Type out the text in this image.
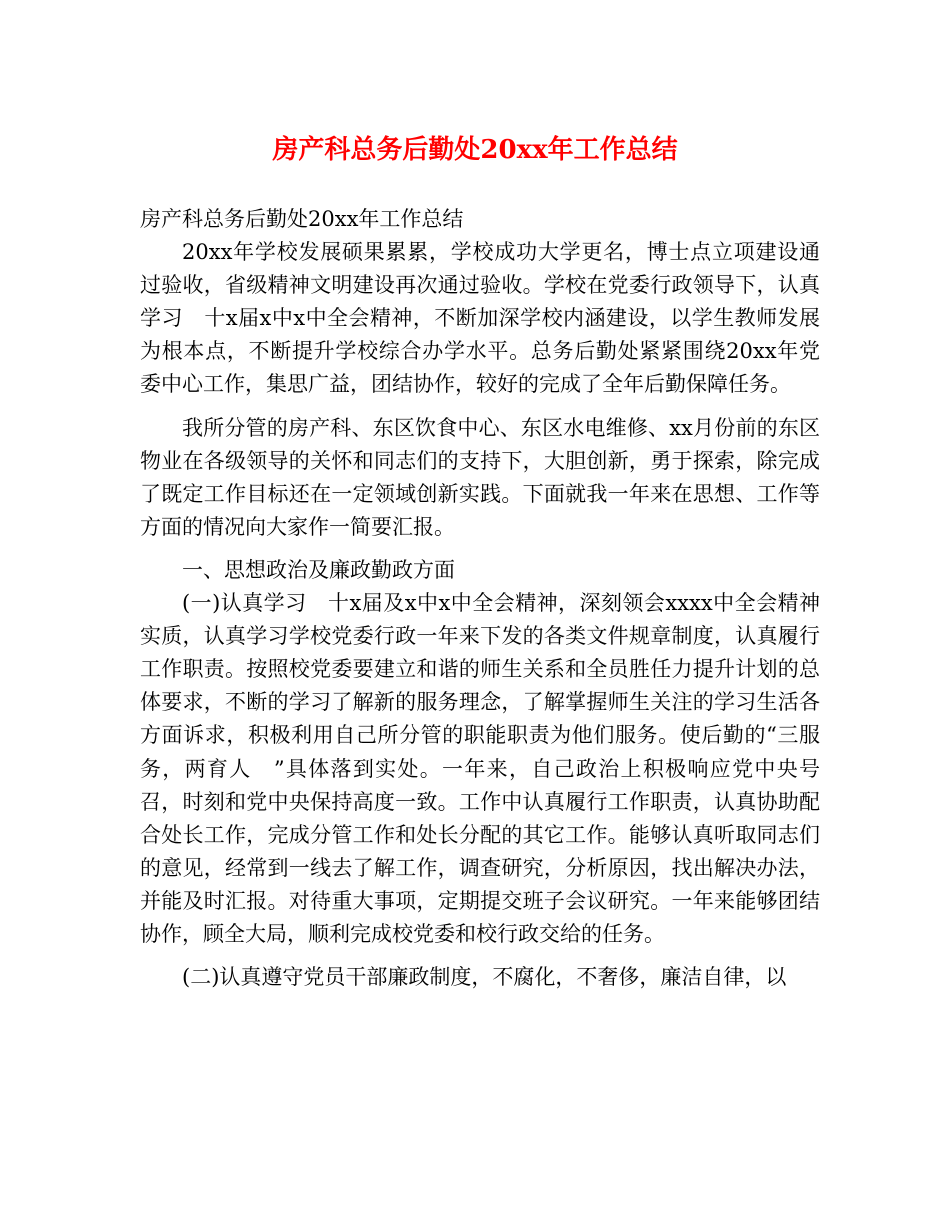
房产科总务后勤处20xx年工作总结

房产科总务后勤处20xx年工作总结

20xx年学校发展硕果累累，学校成功大学更名，博士点立项建设通过验收，省级精神文明建设再次通过验收。学校在党委行政领导下，认真学习　十x届x中x中全会精神，不断加深学校内涵建设，以学生教师发展为根本点，不断提升学校综合办学水平。总务后勤处紧紧围绕20xx年党委中心工作，集思广益，团结协作，较好的完成了全年后勤保障任务。

我所分管的房产科、东区饮食中心、东区水电维修、xx月份前的东区物业在各级领导的关怀和同志们的支持下，大胆创新，勇于探索，除完成了既定工作目标还在一定领域创新实践。下面就我一年来在思想、工作等方面的情况向大家作一简要汇报。

一、思想政治及廉政勤政方面

(一)认真学习　十x届及x中x中全会精神，深刻领会xxxx中全会精神实质，认真学习学校党委行政一年来下发的各类文件规章制度，认真履行工作职责。按照校党委要建立和谐的师生关系和全员胜任力提升计划的总体要求，不断的学习了解新的服务理念，了解掌握师生关注的学习生活各方面诉求，积极利用自己所分管的职能职责为他们服务。使后勤的“三服务，两育人　”具体落到实处。一年来，自己政治上积极响应党中央号召，时刻和党中央保持高度一致。工作中认真履行工作职责，认真协助配合处长工作，完成分管工作和处长分配的其它工作。能够认真听取同志们的意见，经常到一线去了解工作，调查研究，分析原因，找出解决办法，并能及时汇报。对待重大事项，定期提交班子会议研究。一年来能够团结协作，顾全大局，顺利完成校党委和校行政交给的任务。

(二)认真遵守党员干部廉政制度，不腐化，不奢侈，廉洁自律，以
